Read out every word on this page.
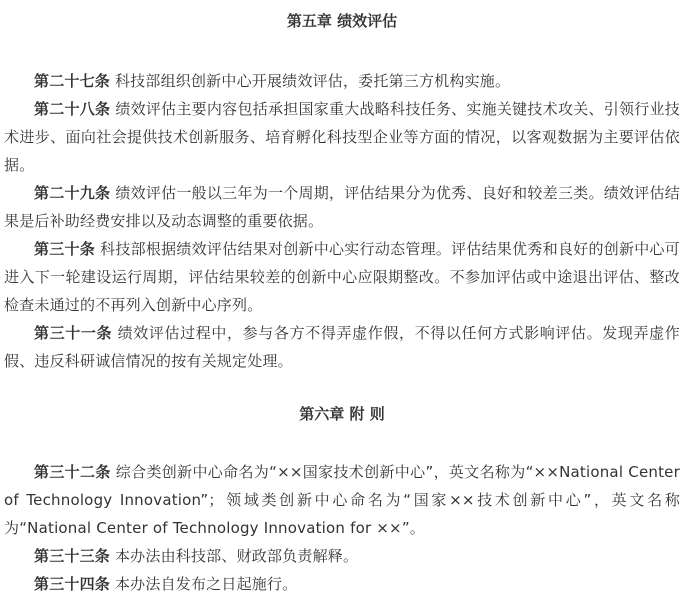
第五章 绩效评估

第二十七条 科技部组织创新中心开展绩效评估，委托第三方机构实施。

第二十八条 绩效评估主要内容包括承担国家重大战略科技任务、实施关键技术攻关、引领行业技术进步、面向社会提供技术创新服务、培育孵化科技型企业等方面的情况，以客观数据为主要评估依据。

第二十九条 绩效评估一般以三年为一个周期，评估结果分为优秀、良好和较差三类。绩效评估结果是后补助经费安排以及动态调整的重要依据。

第三十条 科技部根据绩效评估结果对创新中心实行动态管理。评估结果优秀和良好的创新中心可进入下一轮建设运行周期，评估结果较差的创新中心应限期整改。不参加评估或中途退出评估、整改检查未通过的不再列入创新中心序列。

第三十一条 绩效评估过程中，参与各方不得弄虚作假，不得以任何方式影响评估。发现弄虚作假、违反科研诚信情况的按有关规定处理。

第六章 附 则

第三十二条 综合类创新中心命名为“××国家技术创新中心”，英文名称为“××National Center of Technology Innovation”；领域类创新中心命名为“国家××技术创新中心”，英文名称为“National Center of Technology Innovation for ××”。

第三十三条 本办法由科技部、财政部负责解释。

第三十四条 本办法自发布之日起施行。
